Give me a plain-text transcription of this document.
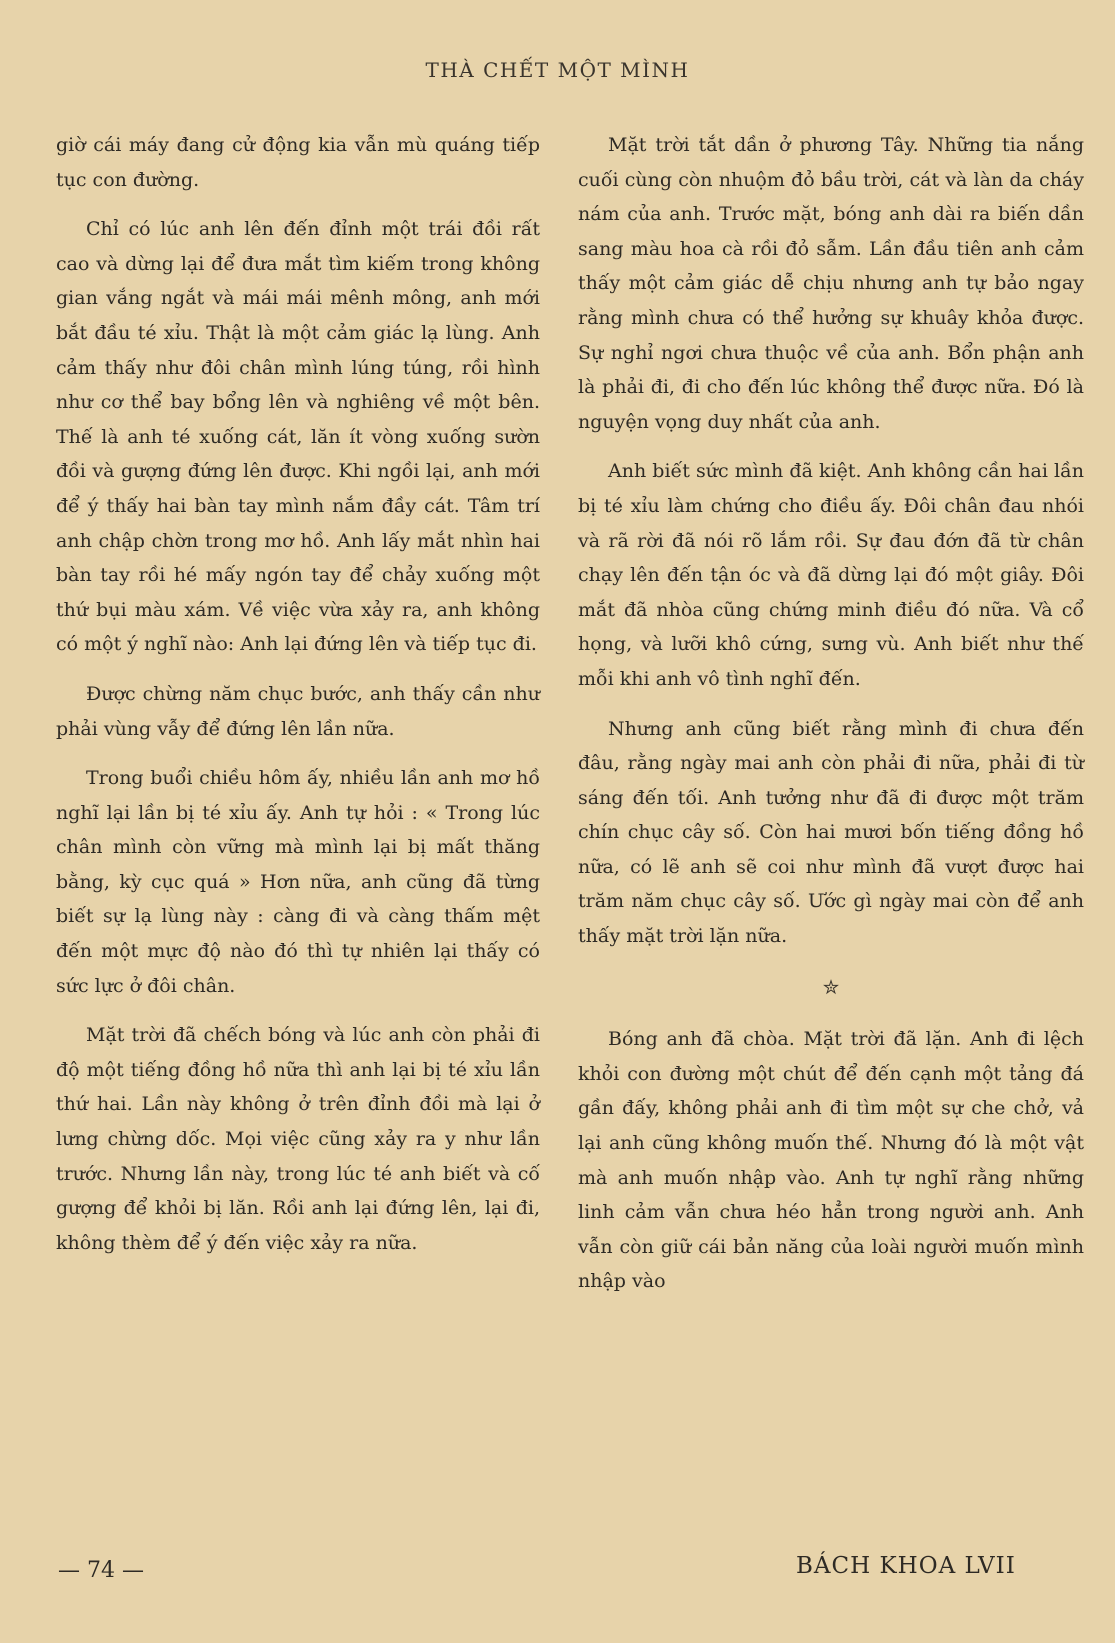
THÀ CHẾT MỘT MÌNH

giờ cái máy đang cử động kia vẫn mù quáng tiếp tục con đường.

Chỉ có lúc anh lên đến đỉnh một trái đồi rất cao và dừng lại để đưa mắt tìm kiếm trong không gian vắng ngắt và mái mái mênh mông, anh mới bắt đầu té xỉu. Thật là một cảm giác lạ lùng. Anh cảm thấy như đôi chân mình lúng túng, rồi hình như cơ thể bay bổng lên và nghiêng về một bên. Thế là anh té xuống cát, lăn ít vòng xuống sườn đồi và gượng đứng lên được. Khi ngồi lại, anh mới để ý thấy hai bàn tay mình nắm đầy cát. Tâm trí anh chập chờn trong mơ hồ. Anh lấy mắt nhìn hai bàn tay rồi hé mấy ngón tay để chảy xuống một thứ bụi màu xám. Về việc vừa xảy ra, anh không có một ý nghĩ nào: Anh lại đứng lên và tiếp tục đi.

Được chừng năm chục bước, anh thấy cần như phải vùng vẫy để đứng lên lần nữa.

Trong buổi chiều hôm ấy, nhiều lần anh mơ hồ nghĩ lại lần bị té xỉu ấy. Anh tự hỏi : « Trong lúc chân mình còn vững mà mình lại bị mất thăng bằng, kỳ cục quá » Hơn nữa, anh cũng đã từng biết sự lạ lùng này : càng đi và càng thấm mệt đến một mực độ nào đó thì tự nhiên lại thấy có sức lực ở đôi chân.

Mặt trời đã chếch bóng và lúc anh còn phải đi độ một tiếng đồng hồ nữa thì anh lại bị té xỉu lần thứ hai. Lần này không ở trên đỉnh đồi mà lại ở lưng chừng dốc. Mọi việc cũng xảy ra y như lần trước. Nhưng lần này, trong lúc té anh biết và cố gượng để khỏi bị lăn. Rồi anh lại đứng lên, lại đi, không thèm để ý đến việc xảy ra nữa.

Mặt trời tắt dần ở phương Tây. Những tia nắng cuối cùng còn nhuộm đỏ bầu trời, cát và làn da cháy nám của anh. Trước mặt, bóng anh dài ra biến dần sang màu hoa cà rồi đỏ sẫm. Lần đầu tiên anh cảm thấy một cảm giác dễ chịu nhưng anh tự bảo ngay rằng mình chưa có thể hưởng sự khuây khỏa được. Sự nghỉ ngơi chưa thuộc về của anh. Bổn phận anh là phải đi, đi cho đến lúc không thể được nữa. Đó là nguyện vọng duy nhất của anh.

Anh biết sức mình đã kiệt. Anh không cần hai lần bị té xỉu làm chứng cho điều ấy. Đôi chân đau nhói và rã rời đã nói rõ lắm rồi. Sự đau đớn đã từ chân chạy lên đến tận óc và đã dừng lại đó một giây. Đôi mắt đã nhòa cũng chứng minh điều đó nữa. Và cổ họng, và lưỡi khô cứng, sưng vù. Anh biết như thế mỗi khi anh vô tình nghĩ đến.

Nhưng anh cũng biết rằng mình đi chưa đến đâu, rằng ngày mai anh còn phải đi nữa, phải đi từ sáng đến tối. Anh tưởng như đã đi được một trăm chín chục cây số. Còn hai mươi bốn tiếng đồng hồ nữa, có lẽ anh sẽ coi như mình đã vượt được hai trăm năm chục cây số. Ước gì ngày mai còn để anh thấy mặt trời lặn nữa.

✮

Bóng anh đã chòa. Mặt trời đã lặn. Anh đi lệch khỏi con đường một chút để đến cạnh một tảng đá gần đấy, không phải anh đi tìm một sự che chở, vả lại anh cũng không muốn thế. Nhưng đó là một vật mà anh muốn nhập vào. Anh tự nghĩ rằng những linh cảm vẫn chưa héo hẳn trong người anh. Anh vẫn còn giữ cái bản năng của loài người muốn mình nhập vào

— 74 —	BÁCH KHOA LVII
